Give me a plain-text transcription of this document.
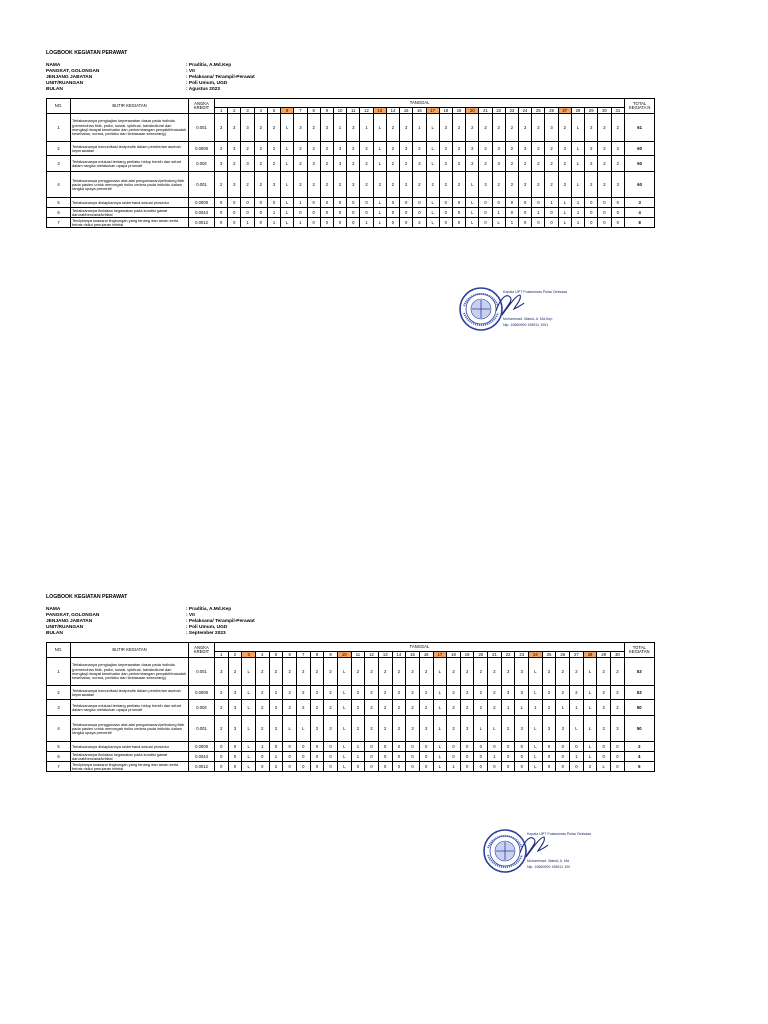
LOGBOOK KEGIATAN PERAWAT
NAMA	: Praditia, A.Md.Kep
PANGKAT, GOLONGAN	: VII
JENJANG JABATAN	: Pelaksana/ Terampil-Perawat
UNIT/RUANGAN	: Poli Umum, UGD
BULAN	: Agustus 2023
NO.	BUTIR KEGIATAN	ANGKA KREDIT	TANGGAL																															TOTAL KEGIATA N
			1	2	3	4	5	6	7	8	9	10	11	12	13	14	15	16	17	18	19	20	21	22	23	24	25	26	27	28	29	30	31	
1	Terlaksananya pengkajian keperawatan dasar pada individu (pemenuhan fisik, psiko, sosial, spiritual, transkultural dan mengkaji riwayat kesehatan dan perkembangan penyakit/masalah kesehatan, norma, perilaku dan kebiasaan seseorang)	0.001	3	2	3	2	2	L	3	2	3	1	3	1	L	2	3	1	L	3	2	2	2	2	2	3	2	3	2	L	2	2	2	61
2	Terlaksananya komunikasi terapeutik dalam pemberian asuhan keperawatan	0.0008	2	3	2	2	2	L	2	2	2	3	2	2	L	2	3	2	L	2	2	2	2	3	2	3	2	2	3	L	2	2	2	60
3	Terlaksananya edukasi tentang perilaku hidup bersih dan sehat dalam rangka melakukan upaya promotif	0.004	3	2	3	2	2	L	2	3	2	3	2	2	L	2	2	3	L	2	2	2	2	3	2	2	2	2	2	L	2	2	2	60
4	Terlaksananya penggunaan alat-alat pengamanan/pelindung fisik pada pasien untuk mencegah risiko cedera pada individu dalam rangka upaya preventif	0.001	2	3	2	2	3	L	2	2	2	2	3	2	2	2	2	2	2	2	2	L	3	2	2	3	2	2	3	L	2	2	3	60
5	Terlaksananya disiapkannya sederhana sesuai prosedur	0.0008	0	0	0	0	0	L	1	0	0	0	0	0	L	0	0	0	L	0	0	L	0	0	0	0	0	1	L	1	0	0	0	3
6	Terlaksananya tindakan kegawatan pada kondisi gawat darurat/bencana/kritikal	0.0043	0	0	0	0	1	L	0	0	0	0	0	0	L	0	0	0	L	0	0	L	0	1	0	0	1	0	L	1	0	0	0	4
7	Terciptanya suasana lingkungan yang tenang dan aman serta bebas risiko penularan infeksi	0.0012	0	0	1	0	1	L	1	0	0	0	0	1	L	0	0	2	L	0	0	L	0	L	1	0	0	0	L	1	0	0	0	8
Kepala UPT Puskesmas Pulau Dinisaaa
Muhammad. Wakid, A. Md.Kep
Nip. 19660909 198911 1001
LOGBOOK KEGIATAN PERAWAT
NAMA	: Praditia, A.Md.Kep
PANGKAT, GOLONGAN	: VII
JENJANG JABATAN	: Pelaksana/ Terampil-Perawat
UNIT/RUANGAN	: Poli Umum, UGD
BULAN	: September 2023
NO.	BUTIR KEGIATAN	ANGKA KREDIT	TANGGAL																														TOTAL KEGIATAN
			1	2	3	4	5	6	7	8	9	10	11	12	13	14	15	16	17	18	19	20	21	22	23	24	25	26	27	28	29	30	
1	Terlaksananya pengkajian keperawatan dasar pada individu (pemenuhan fisik, psiko, sosial, spiritual, transkultural dan mengkaji riwayat kesehatan dan perkembangan penyakit/masalah kesehatan, norma, perilaku dan kebiasaan seseorang)	0.001	3	2	L	2	2	2	2	2	2	L	2	2	2	2	2	2	L	2	2	2	2	3	3	L	2	2	2	L	2	2	53
2	Terlaksananya komunikasi terapeutik dalam pemberian asuhan keperawatan	0.0008	2	3	L	2	2	2	2	2	2	L	2	2	2	2	2	2	L	2	2	2	2	3	3	L	2	2	2	L	2	2	53
3	Terlaksananya edukasi tentang perilaku hidup bersih dan sehat dalam rangka melakukan upaya promotif	0.004	2	3	L	2	3	2	2	2	2	L	2	2	2	2	2	2	L	2	2	2	2	1	L	1	2	1	1	L	2	2	50
4	Terlaksananya penggunaan alat-alat pengamanan/pelindung fisik pada pasien untuk mencegah risiko cedera pada individu dalam rangka upaya preventif	0.001	2	3	L	2	3	L	L	3	3	L	2	2	2	2	3	3	L	2	3	L	L	2	3	L	3	3	L	L	2	3	50
5	Terlaksananya disiapkannya sederhana sesuai prosedur	0.0008	0	0	L	1	0	0	0	0	0	L	1	0	0	0	0	0	L	0	0	0	0	0	0	L	0	0	0	L	0	0	2
6	Terlaksananya tindakan kegawatan pada kondisi gawat darurat/bencana/kritikal	0.0043	0	0	L	0	1	0	0	0	0	L	1	0	0	0	0	0	L	0	0	0	1	0	0	L	0	0	1	L	0	0	4
7	Terciptanya suasana lingkungan yang tenang dan aman serta bebas risiko penularan infeksi	0.0012	0	0	L	0	2	0	0	0	0	L	0	0	0	0	0	0	L	1	0	0	0	0	0	L	0	0	0	2	L	0	5
Kepala UPT Puskesmas Pulau Dinisaaa
Muhammad. Wakid, A. Md
Nip. 19660909 198911 100
